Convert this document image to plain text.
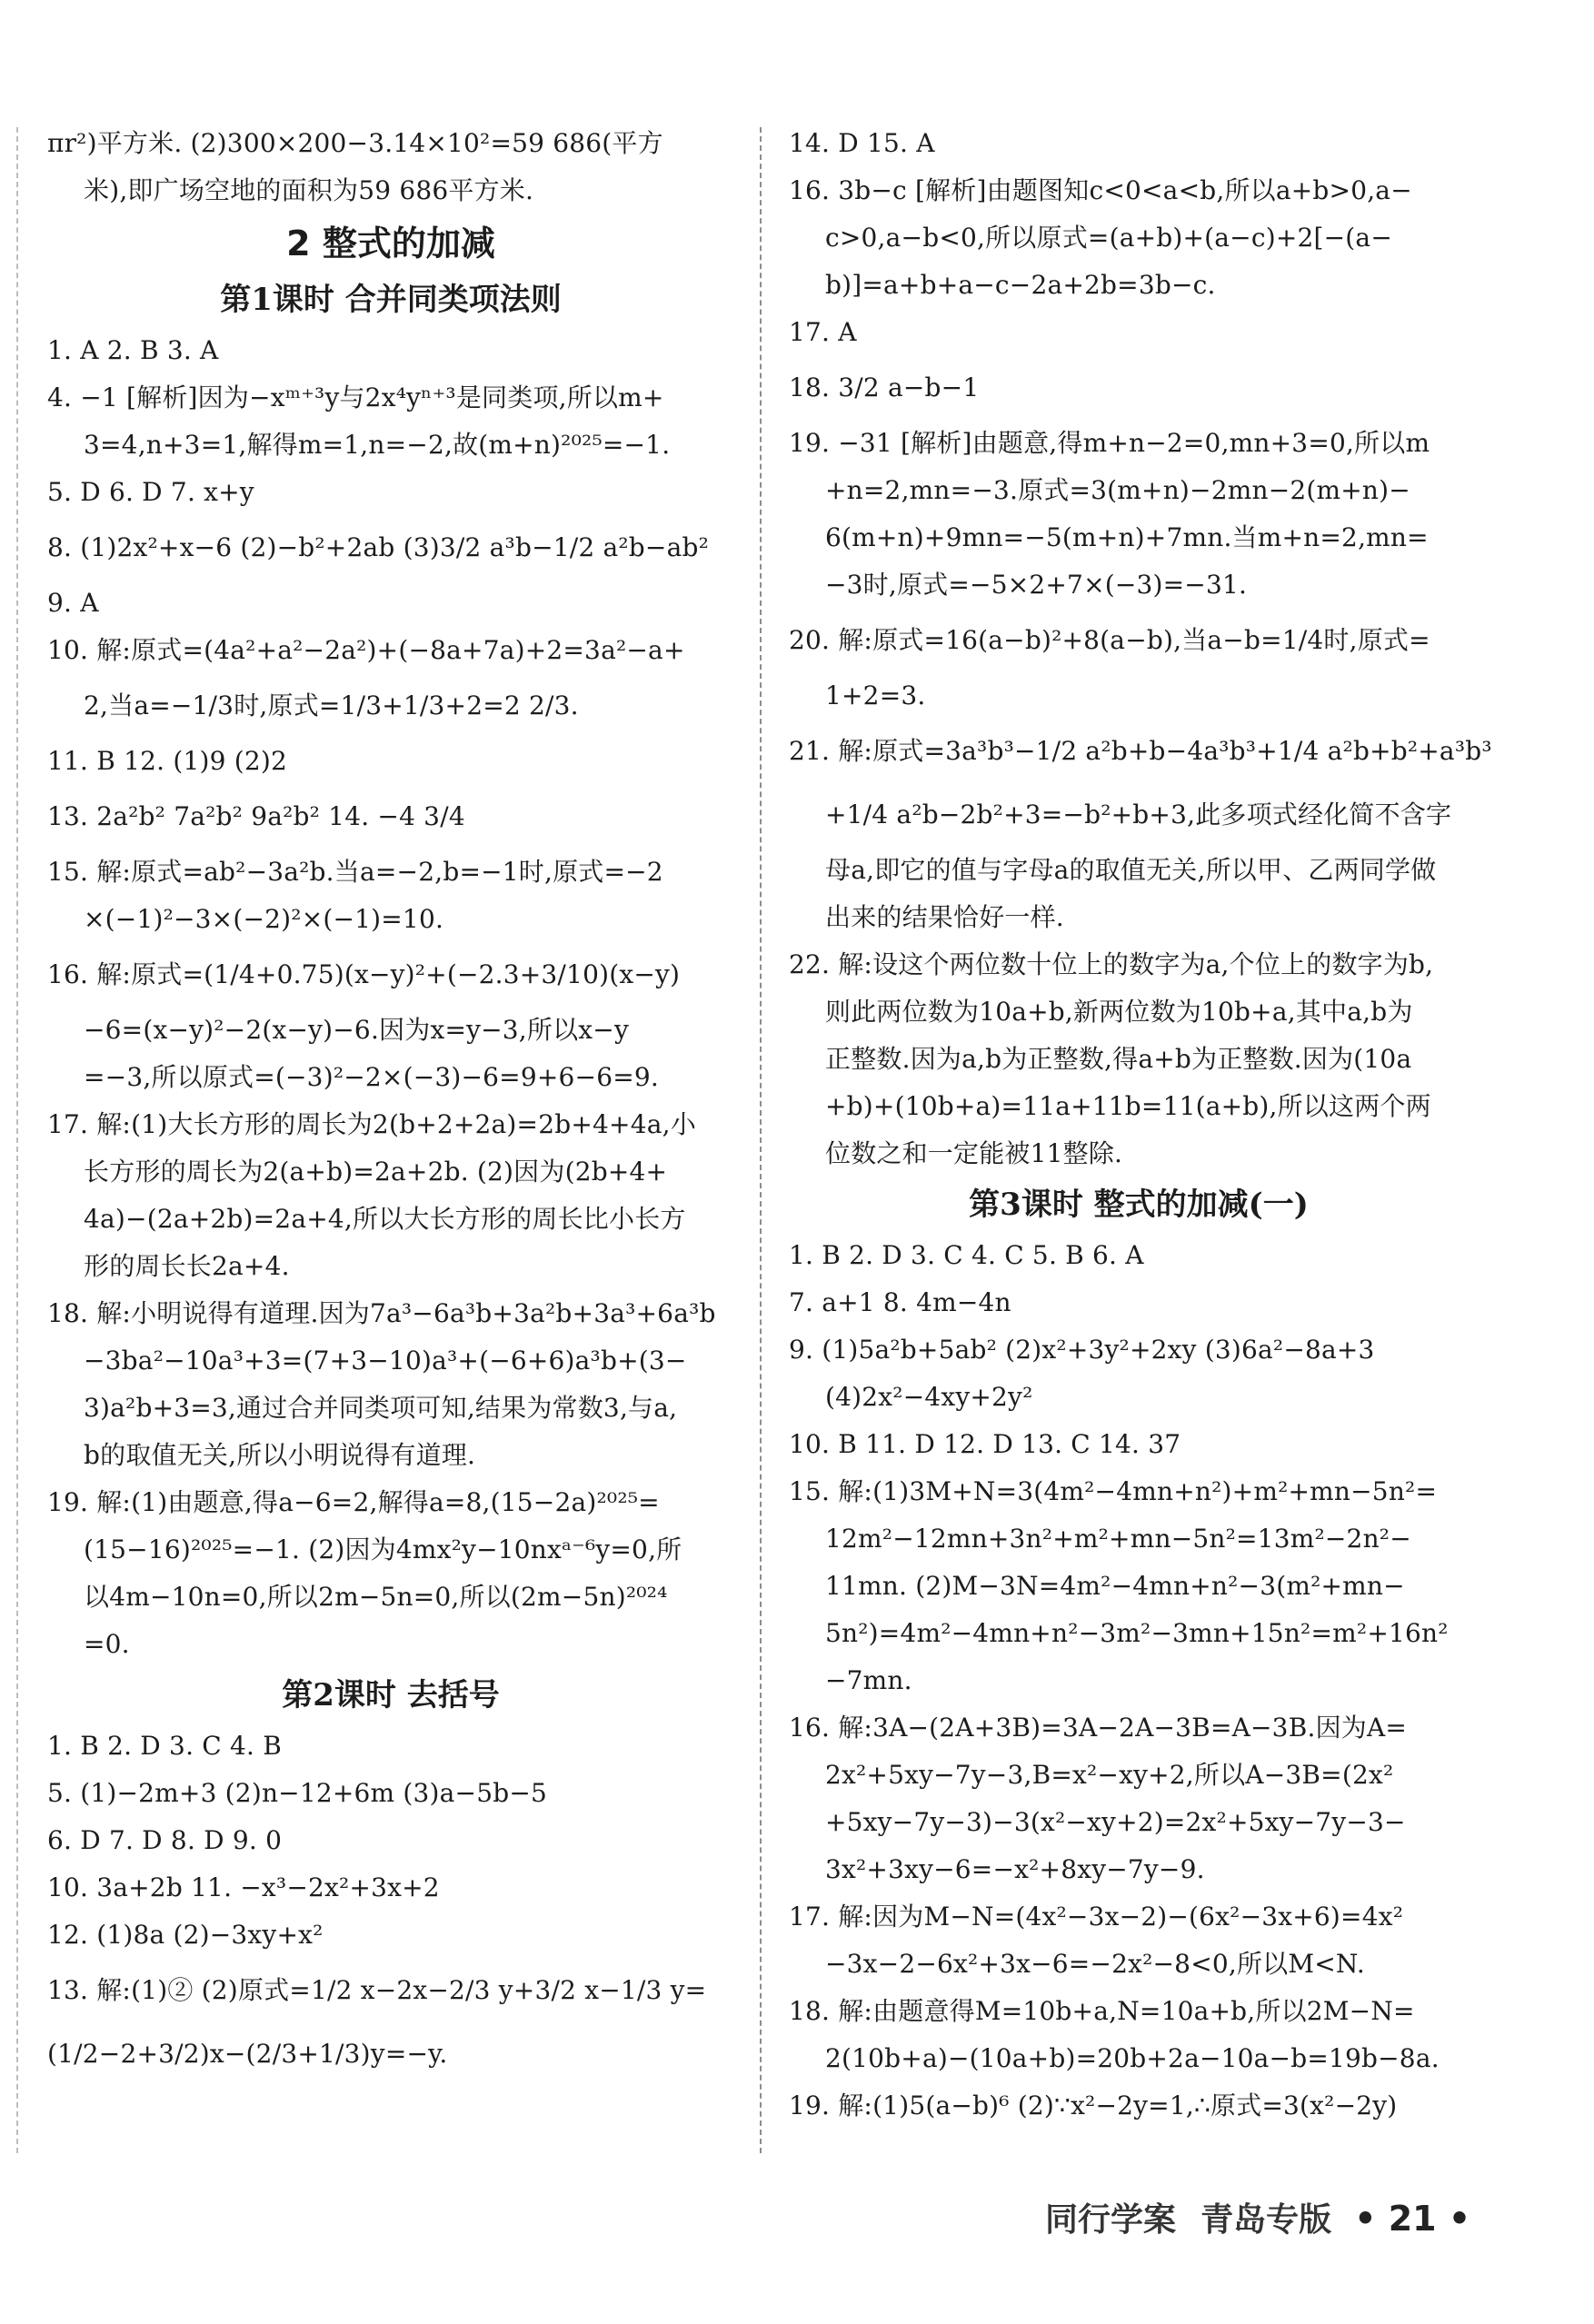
πr²)平方米. (2)300×200−3.14×10²=59 686(平方
米),即广场空地的面积为59 686平方米.
2 整式的加减
第1课时 合并同类项法则
1. A 2. B 3. A
4. −1 [解析]因为−xᵐ⁺³y与2x⁴yⁿ⁺³是同类项,所以m+
3=4,n+3=1,解得m=1,n=−2,故(m+n)²⁰²⁵=−1.
5. D 6. D 7. x+y
8. (1)2x²+x−6 (2)−b²+2ab (3)3/2 a³b−1/2 a²b−ab²
9. A
10. 解:原式=(4a²+a²−2a²)+(−8a+7a)+2=3a²−a+
2,当a=−1/3时,原式=1/3+1/3+2=2 2/3.
11. B 12. (1)9 (2)2
13. 2a²b² 7a²b² 9a²b² 14. −4 3/4
15. 解:原式=ab²−3a²b.当a=−2,b=−1时,原式=−2
×(−1)²−3×(−2)²×(−1)=10.
16. 解:原式=(1/4+0.75)(x−y)²+(−2.3+3/10)(x−y)
−6=(x−y)²−2(x−y)−6.因为x=y−3,所以x−y
=−3,所以原式=(−3)²−2×(−3)−6=9+6−6=9.
17. 解:(1)大长方形的周长为2(b+2+2a)=2b+4+4a,小
长方形的周长为2(a+b)=2a+2b. (2)因为(2b+4+
4a)−(2a+2b)=2a+4,所以大长方形的周长比小长方
形的周长长2a+4.
18. 解:小明说得有道理.因为7a³−6a³b+3a²b+3a³+6a³b
−3ba²−10a³+3=(7+3−10)a³+(−6+6)a³b+(3−
3)a²b+3=3,通过合并同类项可知,结果为常数3,与a,
b的取值无关,所以小明说得有道理.
19. 解:(1)由题意,得a−6=2,解得a=8,(15−2a)²⁰²⁵=
(15−16)²⁰²⁵=−1. (2)因为4mx²y−10nxᵃ⁻⁶y=0,所
以4m−10n=0,所以2m−5n=0,所以(2m−5n)²⁰²⁴
=0.
第2课时 去括号
1. B 2. D 3. C 4. B
5. (1)−2m+3 (2)n−12+6m (3)a−5b−5
6. D 7. D 8. D 9. 0
10. 3a+2b 11. −x³−2x²+3x+2
12. (1)8a (2)−3xy+x²
13. 解:(1)② (2)原式=1/2 x−2x−2/3 y+3/2 x−1/3 y=
(1/2−2+3/2)x−(2/3+1/3)y=−y.
14. D 15. A
16. 3b−c [解析]由题图知c<0<a<b,所以a+b>0,a−
c>0,a−b<0,所以原式=(a+b)+(a−c)+2[−(a−
b)]=a+b+a−c−2a+2b=3b−c.
17. A
18. 3/2 a−b−1
19. −31 [解析]由题意,得m+n−2=0,mn+3=0,所以m
+n=2,mn=−3.原式=3(m+n)−2mn−2(m+n)−
6(m+n)+9mn=−5(m+n)+7mn.当m+n=2,mn=
−3时,原式=−5×2+7×(−3)=−31.
20. 解:原式=16(a−b)²+8(a−b),当a−b=1/4时,原式=
1+2=3.
21. 解:原式=3a³b³−1/2 a²b+b−4a³b³+1/4 a²b+b²+a³b³
+1/4 a²b−2b²+3=−b²+b+3,此多项式经化简不含字
母a,即它的值与字母a的取值无关,所以甲、乙两同学做
出来的结果恰好一样.
22. 解:设这个两位数十位上的数字为a,个位上的数字为b,
则此两位数为10a+b,新两位数为10b+a,其中a,b为
正整数.因为a,b为正整数,得a+b为正整数.因为(10a
+b)+(10b+a)=11a+11b=11(a+b),所以这两个两
位数之和一定能被11整除.
第3课时 整式的加减(一)
1. B 2. D 3. C 4. C 5. B 6. A
7. a+1 8. 4m−4n
9. (1)5a²b+5ab² (2)x²+3y²+2xy (3)6a²−8a+3
(4)2x²−4xy+2y²
10. B 11. D 12. D 13. C 14. 37
15. 解:(1)3M+N=3(4m²−4mn+n²)+m²+mn−5n²=
12m²−12mn+3n²+m²+mn−5n²=13m²−2n²−
11mn. (2)M−3N=4m²−4mn+n²−3(m²+mn−
5n²)=4m²−4mn+n²−3m²−3mn+15n²=m²+16n²
−7mn.
16. 解:3A−(2A+3B)=3A−2A−3B=A−3B.因为A=
2x²+5xy−7y−3,B=x²−xy+2,所以A−3B=(2x²
+5xy−7y−3)−3(x²−xy+2)=2x²+5xy−7y−3−
3x²+3xy−6=−x²+8xy−7y−9.
17. 解:因为M−N=(4x²−3x−2)−(6x²−3x+6)=4x²
−3x−2−6x²+3x−6=−2x²−8<0,所以M<N.
18. 解:由题意得M=10b+a,N=10a+b,所以2M−N=
2(10b+a)−(10a+b)=20b+2a−10a−b=19b−8a.
19. 解:(1)5(a−b)⁶ (2)∵x²−2y=1,∴原式=3(x²−2y)
同行学案 青岛专版 • 21 •
